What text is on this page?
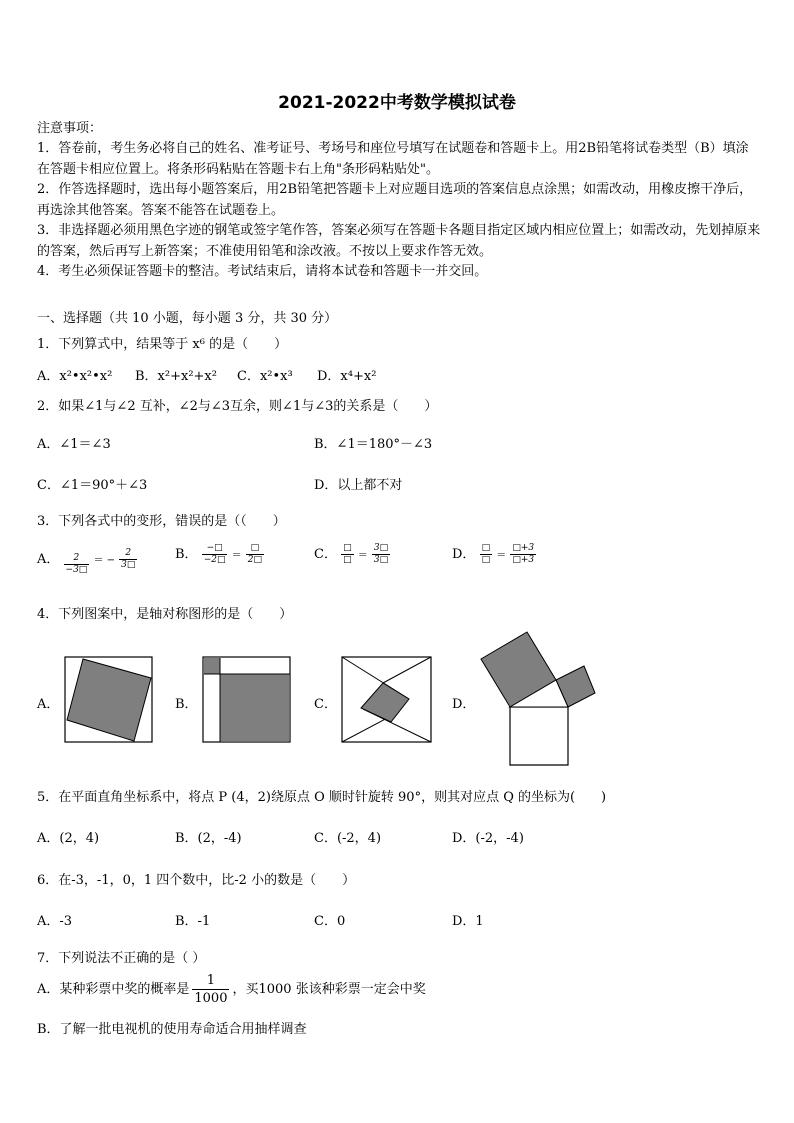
2021-2022中考数学模拟试卷
注意事项：
1．答卷前，考生务必将自己的姓名、准考证号、考场号和座位号填写在试题卷和答题卡上。用2B铅笔将试卷类型（B）填涂在答题卡相应位置上。将条形码粘贴在答题卡右上角"条形码粘贴处"。
2．作答选择题时，选出每小题答案后，用2B铅笔把答题卡上对应题目选项的答案信息点涂黑；如需改动，用橡皮擦干净后，再选涂其他答案。答案不能答在试题卷上。
3．非选择题必须用黑色字迹的钢笔或签字笔作答，答案必须写在答题卡各题目指定区域内相应位置上；如需改动，先划掉原来的答案，然后再写上新答案；不准使用铅笔和涂改液。不按以上要求作答无效。
4．考生必须保证答题卡的整洁。考试结束后，请将本试卷和答题卡一并交回。
一、选择题（共 10 小题，每小题 3 分，共 30 分）
1．下列算式中，结果等于 x⁶ 的是（　　）
A．x²•x²•x² B．x²+x²+x² C．x²•x³ D．x⁴+x²
2．如果∠1与∠2 互补，∠2与∠3互余，则∠1与∠3的关系是（　　）
A．∠1＝∠3	B．∠1＝180°－∠3
C．∠1＝90°＋∠3	D．以上都不对
3．下列各式中的变形，错误的是（（　　）
A． $\frac{2}{-3□}$ ＝ − $\frac{2}{3□}$	B． $\frac{-□}{-2□} = \frac{□}{2□}$	C． $\frac{□}{□} = \frac{3□}{3□}$	D． $\frac{□}{□} = \frac{□+3}{□+3}$
4．下列图案中，是轴对称图形的是（　　）
A．	B．	C．	D．
5．在平面直角坐标系中，将点 P (4，2)绕原点 O 顺时针旋转 90°，则其对应点 Q 的坐标为(　　)
A．(2，4)	B．(2，-4)	C．(-2，4)	D．(-2，-4)
6．在-3，-1，0，1 四个数中，比-2 小的数是（　　）
A．-3	B．-1	C．0	D．1
7．下列说法不正确的是（ ）
A．某种彩票中奖的概率是 $\frac{1}{1000}$ ，买1000 张该种彩票一定会中奖
B．了解一批电视机的使用寿命适合用抽样调查
